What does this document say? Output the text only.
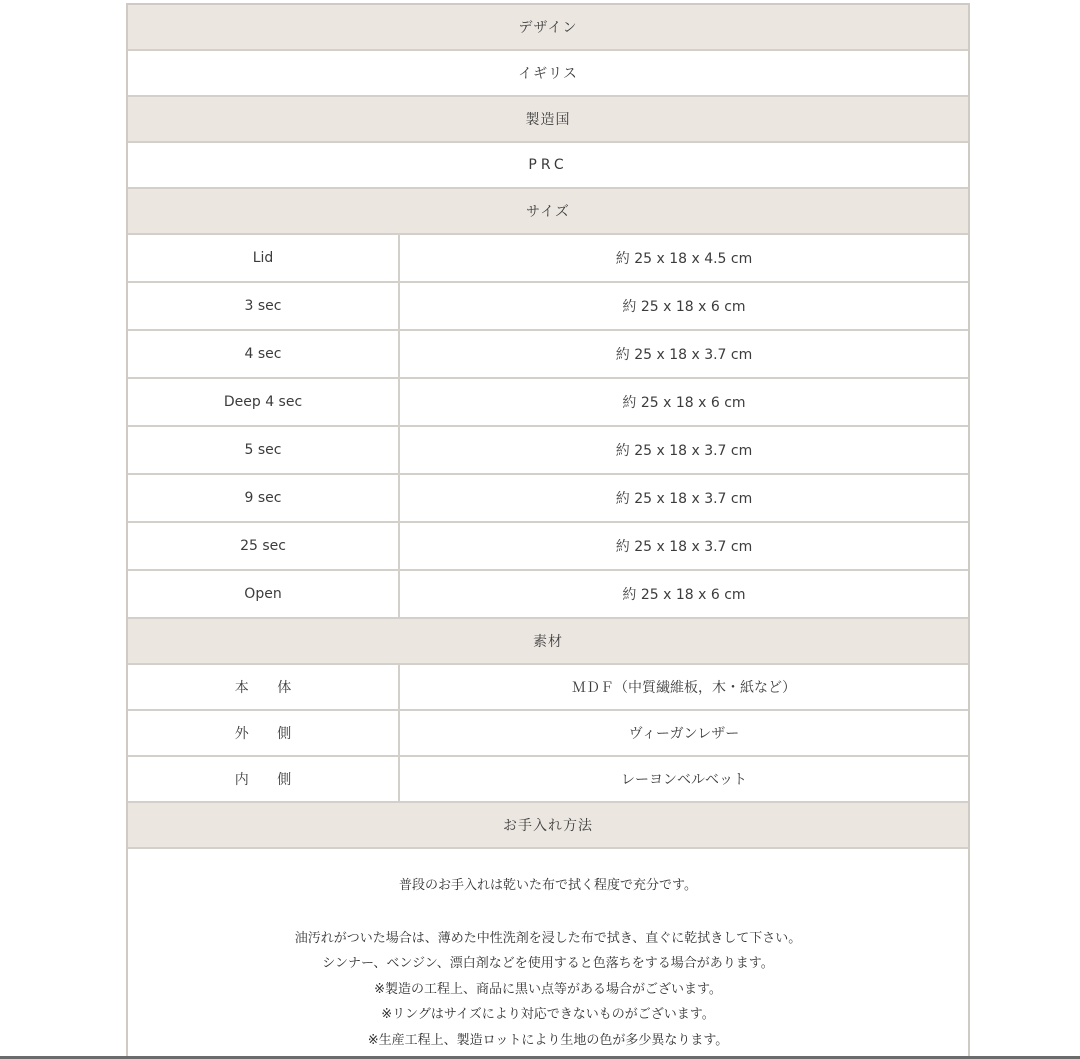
デザイン
イギリス
製造国
PRC
サイズ
Lid	約 25 x 18 x 4.5 cm
3 sec	約 25 x 18 x 6 cm
4 sec	約 25 x 18 x 3.7 cm
Deep 4 sec	約 25 x 18 x 6 cm
5 sec	約 25 x 18 x 3.7 cm
9 sec	約 25 x 18 x 3.7 cm
25 sec	約 25 x 18 x 3.7 cm
Open	約 25 x 18 x 6 cm
素材
本 体	ＭＤＦ（中質繊維板，木・紙など）
外 側	ヴィーガンレザー
内 側	レーヨンベルベット
お手入れ方法
普段のお手入れは乾いた布で拭く程度で充分です。
油汚れがついた場合は、薄めた中性洗剤を浸した布で拭き、直ぐに乾拭きして下さい。
シンナー、ベンジン、漂白剤などを使用すると色落ちをする場合があります。
※製造の工程上、商品に黒い点等がある場合がございます。
※リングはサイズにより対応できないものがございます。
※生産工程上、製造ロットにより生地の色が多少異なります。
